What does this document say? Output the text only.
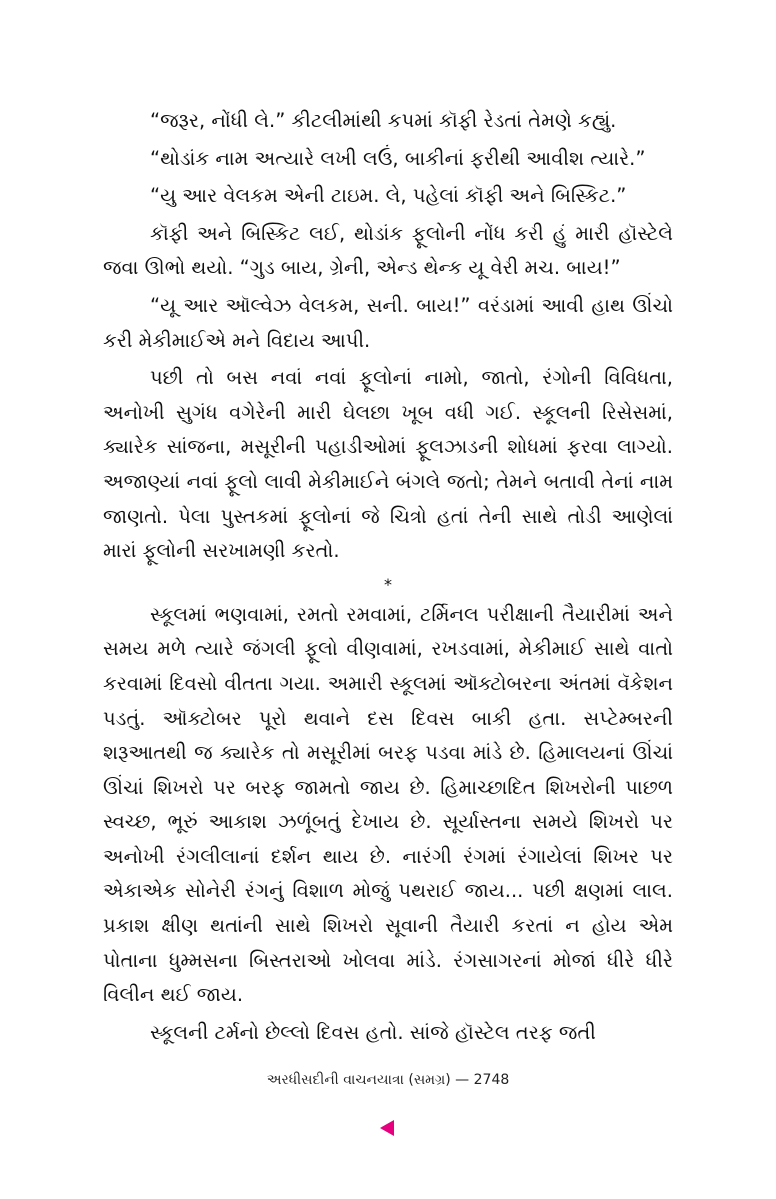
“જરૂર, નોંધી લે.” કીટલીમાંથી કપમાં કૉફી રેડતાં તેમણે કહ્યું.

“થોડાંક નામ અત્યારે લખી લઉં, બાકીનાં ફરીથી આવીશ ત્યારે.”

“યુ આર વેલકમ એની ટાઇમ. લે, પહેલાં કૉફી અને બિસ્કિટ.”

કૉફી અને બિસ્કિટ લઈ, થોડાંક ફૂલોની નોંધ કરી હું મારી હૉસ્ટેલે જવા ઊભો થયો. “ગુડ બાય, ગ્રેની, એન્ડ થેન્ક યૂ વેરી મચ. બાય!”

“યૂ આર ઑલ્વેઝ વેલકમ, સની. બાય!” વરંડામાં આવી હાથ ઊંચો કરી મેકીમાઈએ મને વિદાય આપી.

પછી તો બસ નવાં નવાં ફૂલોનાં નામો, જાતો, રંગોની વિવિધતા, અનોખી સુગંધ વગેરેની મારી ઘેલછા ખૂબ વધી ગઈ. સ્કૂલની રિસેસમાં, ક્યારેક સાંજના, મસૂરીની પહાડીઓમાં ફૂલઝાડની શોધમાં ફરવા લાગ્યો. અજાણ્યાં નવાં ફૂલો લાવી મેકીમાઈને બંગલે જતો; તેમને બતાવી તેનાં નામ જાણતો. પેલા પુસ્તકમાં ફૂલોનાં જે ચિત્રો હતાં તેની સાથે તોડી આણેલાં મારાં ફૂલોની સરખામણી કરતો.

*

સ્કૂલમાં ભણવામાં, રમતો રમવામાં, ટર્મિનલ પરીક્ષાની તૈયારીમાં અને સમય મળે ત્યારે જંગલી ફૂલો વીણવામાં, રખડવામાં, મેકીમાઈ સાથે વાતો કરવામાં દિવસો વીતતા ગયા. અમારી સ્કૂલમાં ઑક્ટોબરના અંતમાં વૅકેશન પડતું. ઑક્ટોબર પૂરો થવાને દસ દિવસ બાકી હતા. સપ્ટેમ્બરની શરૂઆતથી જ ક્યારેક તો મસૂરીમાં બરફ પડવા માંડે છે. હિમાલયનાં ઊંચાં ઊંચાં શિખરો પર બરફ જામતો જાય છે. હિમાચ્છાદિત શિખરોની પાછળ સ્વચ્છ, ભૂરું આકાશ ઝળૂંબતું દેખાય છે. સૂર્યાસ્તના સમયે શિખરો પર અનોખી રંગલીલાનાં દર્શન થાય છે. નારંગી રંગમાં રંગાયેલાં શિખર પર એકાએક સોનેરી રંગનું વિશાળ મોજું પથરાઈ જાય... પછી ક્ષણમાં લાલ. પ્રકાશ ક્ષીણ થતાંની સાથે શિખરો સૂવાની તૈયારી કરતાં ન હોય એમ પોતાના ધુમ્મસના બિસ્તરાઓ ખોલવા માંડે. રંગસાગરનાં મોજાં ધીરે ધીરે વિલીન થઈ જાય.

સ્કૂલની ટર્મનો છેલ્લો દિવસ હતો. સાંજે હૉસ્ટેલ તરફ જતી

અરધીસદીની વાચનયાત્રા (સમગ્ર) — 2748
